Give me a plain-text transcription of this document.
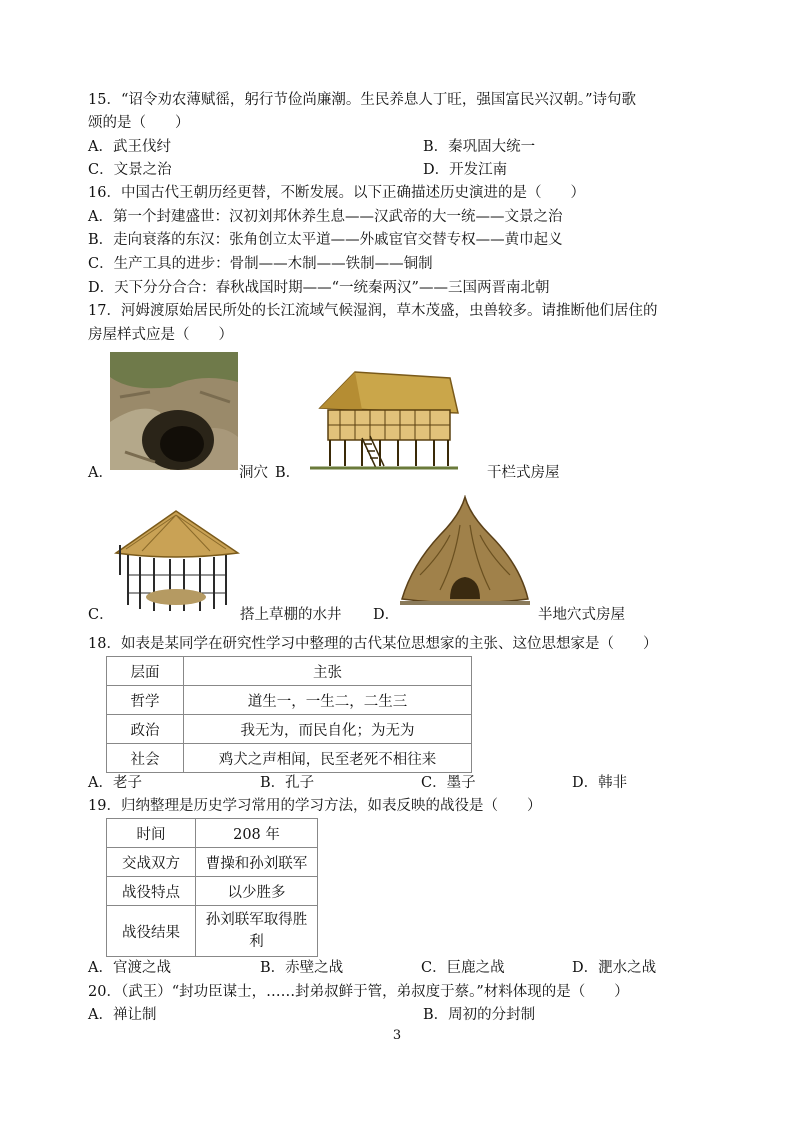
15．“诏令劝农薄赋徭，躬行节俭尚廉潮。生民养息人丁旺，强国富民兴汉朝。”诗句歌
颂的是（　　）
A．武王伐纣	B．秦巩固大统一
C．文景之治	D．开发江南
16．中国古代王朝历经更替，不断发展。以下正确描述历史演进的是（　　）
A．第一个封建盛世：汉初刘邦休养生息——汉武帝的大一统——文景之治
B．走向衰落的东汉：张角创立太平道——外戚宦官交替专权——黄巾起义
C．生产工具的进步：骨制——木制——铁制——铜制
D．天下分分合合：春秋战国时期——“一统秦两汉”——三国两晋南北朝
17．河姆渡原始居民所处的长江流域气候湿润，草木茂盛，虫兽较多。请推断他们居住的
房屋样式应是（　　）
A．	洞穴 B．	干栏式房屋
C．	搭上草棚的水井 D．	半地穴式房屋
18．如表是某同学在研究性学习中整理的古代某位思想家的主张、这位思想家是（　　）
层面	主张
哲学	道生一，一生二，二生三
政治	我无为，而民自化；为无为
社会	鸡犬之声相闻，民至老死不相往来
A．老子	B．孔子	C．墨子	D．韩非
19．归纳整理是历史学习常用的学习方法，如表反映的战役是（　　）
时间	208 年
交战双方	曹操和孙刘联军
战役特点	以少胜多
战役结果	孙刘联军取得胜
利
A．官渡之战	B．赤壁之战	C．巨鹿之战	D．淝水之战
20．（武王）“封功臣谋士，……封弟叔鲜于管，弟叔度于蔡。”材料体现的是（　　）
A．禅让制	B．周初的分封制
3
